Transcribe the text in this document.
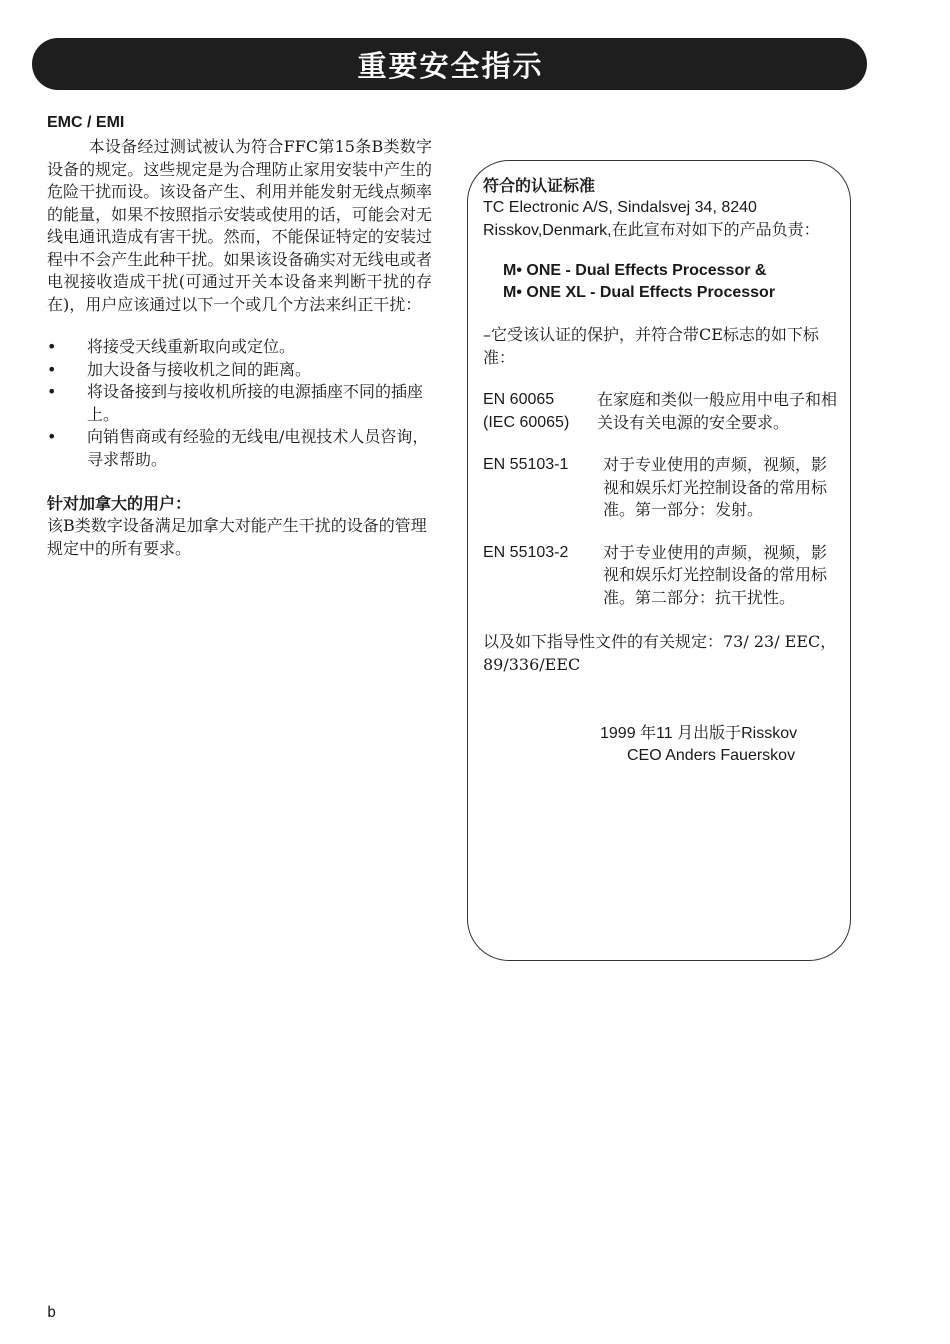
重要安全指示
EMC / EMI

本设备经过测试被认为符合FFC第15条B类数字设备的规定。这些规定是为合理防止家用安装中产生的危险干扰而设。该设备产生、利用并能发射无线点频率的能量，如果不按照指示安装或使用的话，可能会对无线电通讯造成有害干扰。然而，不能保证特定的安装过程中不会产生此种干扰。如果该设备确实对无线电或者电视接收造成干扰(可通过开关本设备来判断干扰的存在)，用户应该通过以下一个或几个方法来纠正干扰：

• 将接受天线重新取向或定位。
• 加大设备与接收机之间的距离。
• 将设备接到与接收机所接的电源插座不同的插座上。
• 向销售商或有经验的无线电/电视技术人员咨询，寻求帮助。
针对加拿大的用户：

该B类数字设备满足加拿大对能产生干扰的设备的管理规定中的所有要求。

符合的认证标准

TC Electronic A/S, Sindalsvej 34, 8240 Risskov,Denmark,在此宣布对如下的产品负责：

M• ONE - Dual Effects Processor &
M• ONE XL - Dual Effects Processor

–它受该认证的保护，并符合带CE标志的如下标准：

EN 60065
(IEC 60065)
在家庭和类似一般应用中电子和相关设有关电源的安全要求。
EN 55103-1	对于专业使用的声频，视频，影视和娱乐灯光控制设备的常用标准。第一部分：发射。
EN 55103-2	对于专业使用的声频，视频，影视和娱乐灯光控制设备的常用标准。第二部分：抗干扰性。

以及如下指导性文件的有关规定：73/ 23/ EEC，89/336/EEC

1999 年11 月出版于Risskov
CEO Anders Fauerskov
b
